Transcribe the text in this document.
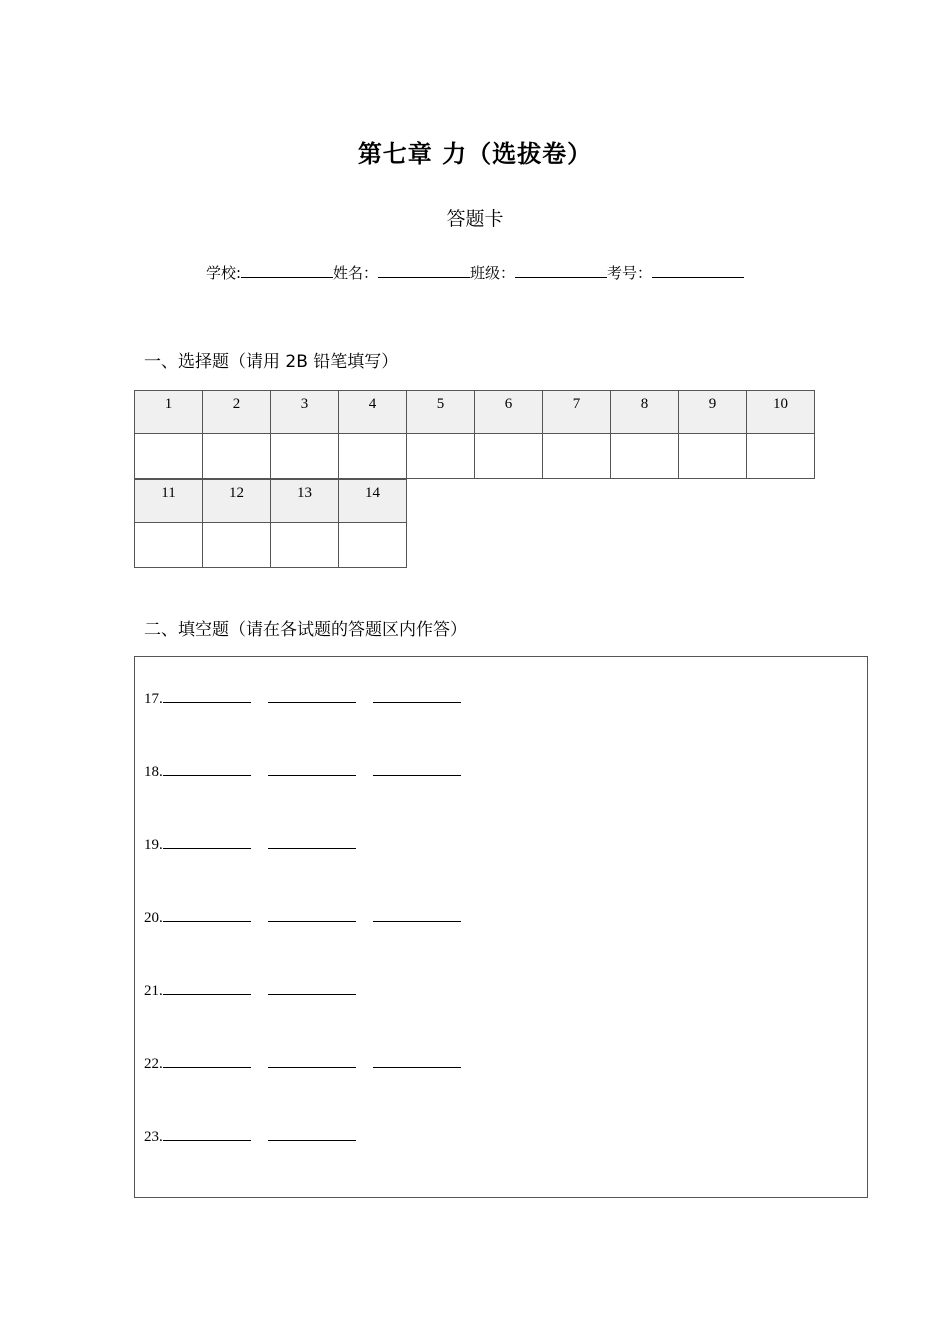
第七章 力（选拔卷）
答题卡
学校:	姓名：	班级：	考号：
一、选择题（请用 2B 铅笔填写）
1	2	3	4	5	6	7	8	9	10

11	12	13	14

二、填空题（请在各试题的答题区内作答）
17.
18.
19.
20.
21.
22.
23.
